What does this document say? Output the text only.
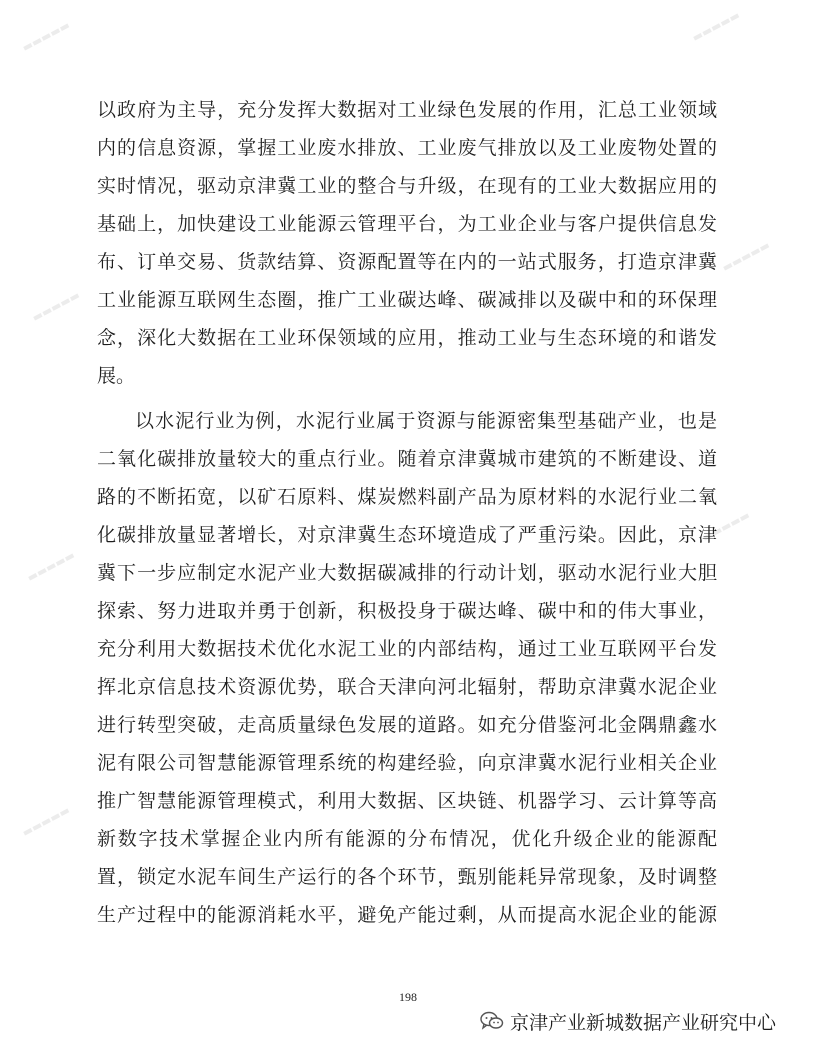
▬▬▬▬▬	▬▬▬▬▬
▬▬▬▬▬
▬▬▬▬▬
▬▬▬▬▬
▬▬▬▬▬
▬▬▬▬▬
以政府为主导，充分发挥大数据对工业绿色发展的作用，汇总工业领域
内的信息资源，掌握工业废水排放、工业废气排放以及工业废物处置的
实时情况，驱动京津冀工业的整合与升级，在现有的工业大数据应用的
基础上，加快建设工业能源云管理平台，为工业企业与客户提供信息发
布、订单交易、货款结算、资源配置等在内的一站式服务，打造京津冀
工业能源互联网生态圈，推广工业碳达峰、碳减排以及碳中和的环保理
念，深化大数据在工业环保领域的应用，推动工业与生态环境的和谐发
展。
以水泥行业为例，水泥行业属于资源与能源密集型基础产业，也是
二氧化碳排放量较大的重点行业。随着京津冀城市建筑的不断建设、道
路的不断拓宽，以矿石原料、煤炭燃料副产品为原材料的水泥行业二氧
化碳排放量显著增长，对京津冀生态环境造成了严重污染。因此，京津
冀下一步应制定水泥产业大数据碳减排的行动计划，驱动水泥行业大胆
探索、努力进取并勇于创新，积极投身于碳达峰、碳中和的伟大事业，
充分利用大数据技术优化水泥工业的内部结构，通过工业互联网平台发
挥北京信息技术资源优势，联合天津向河北辐射，帮助京津冀水泥企业
进行转型突破，走高质量绿色发展的道路。如充分借鉴河北金隅鼎鑫水
泥有限公司智慧能源管理系统的构建经验，向京津冀水泥行业相关企业
推广智慧能源管理模式，利用大数据、区块链、机器学习、云计算等高
新数字技术掌握企业内所有能源的分布情况，优化升级企业的能源配
置，锁定水泥车间生产运行的各个环节，甄别能耗异常现象，及时调整
生产过程中的能源消耗水平，避免产能过剩，从而提高水泥企业的能源
198
京津产业新城数据产业研究中心
